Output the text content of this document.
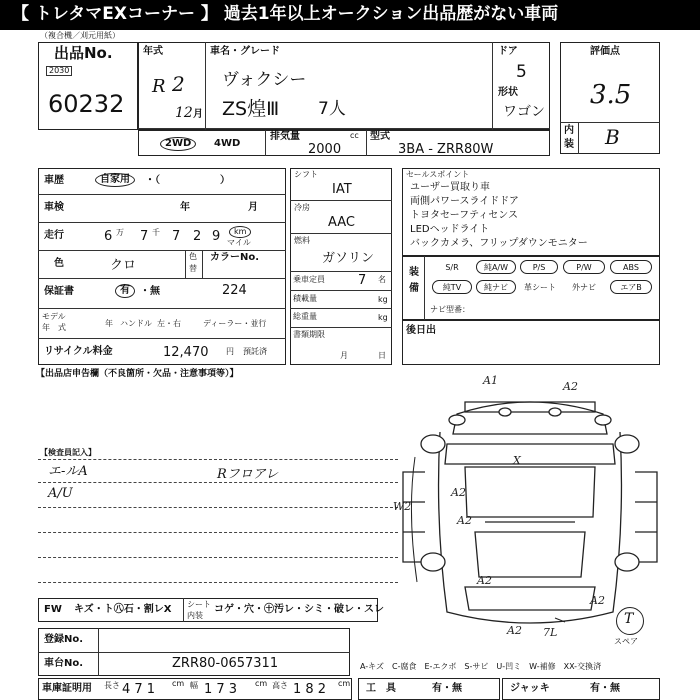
【 トレタマEXコーナー 】 過去1年以上オークション出品歴がない車両
（複合機／刈元用紙）
出品No.
2030
60232
年式
R 2
12 月
車名・グレード
ヴォクシー
ZS煌Ⅲ 7人
ドア
5
形状
ワゴン
評価点
3.5
内
装 B
2WD	4WD
排気量	cc
2000
型式
3BA - ZRR80W
車歴	自家用	・（　　　　　　）
車検	年	月
走行	6 万 7 千 7 2 9	km
マイル
色	クロ
色
替
カラーNo.
保証書	有	・無	224
モデル
年　式	年 ハンドル 左・右	ディーラー・並行
リサイクル料金	12,470 円 預託済
シフト
IAT
冷房
AAC
燃料
ガソリン
乗車定員	7 名
積載量	kg
総重量	kg
書類期限
月	日
セールスポイント
ユーザー買取り車
両側パワースライドドア
トヨタセーフティセンス
LEDヘッドライト
バックカメラ、フリップダウンモニター
装
備
S/R	純A/W	P/S	P/W	ABS
純TV	純ナビ	革シート	外ナビ	エアB
ナビ型番：
後日出
【出品店申告欄（不良箇所・欠品・注意事項等）】
【検査員記入】
エ-ルA
A/U
Rフロアレ
A1	A2
X
W2
A2
A2
A2
A2
A2 7L
T
スペア
FW キズ・ト㊇石・割レX シート
内装
コゲ・穴・㊉汚レ・シミ・破レ・スレ
登録No.
車台No.	ZRR80-0657311	A-キズ　C-腐食　E-エクボ　S-サビ　U-凹ミ　W-補修　XX-交換済
車庫証明用 長さ 4 7 1 cm 幅 1 7 3 cm 高さ 1 8 2 cm 工　具	有・無	ジャッキ	有・無
